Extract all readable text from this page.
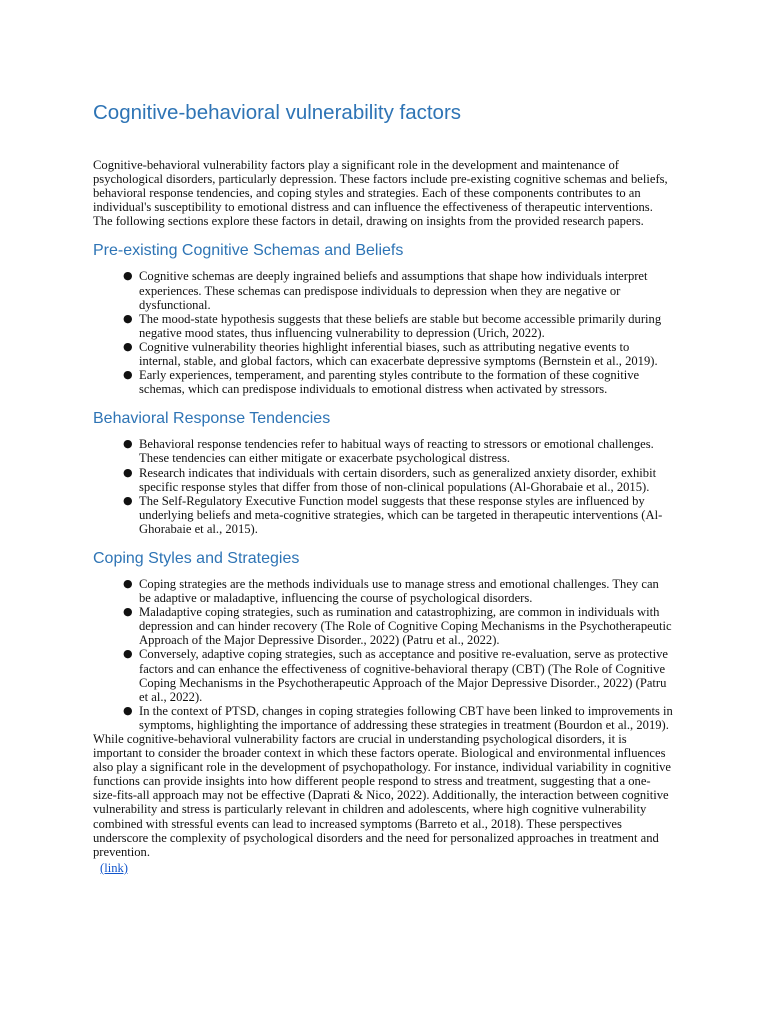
Cognitive-behavioral vulnerability factors

Cognitive-behavioral vulnerability factors play a significant role in the development and maintenance of psychological disorders, particularly depression. These factors include pre-existing cognitive schemas and beliefs, behavioral response tendencies, and coping styles and strategies. Each of these components contributes to an individual's susceptibility to emotional distress and can influence the effectiveness of therapeutic interventions. The following sections explore these factors in detail, drawing on insights from the provided research papers.

Pre-existing Cognitive Schemas and Beliefs
● Cognitive schemas are deeply ingrained beliefs and assumptions that shape how individuals interpret experiences. These schemas can predispose individuals to depression when they are negative or dysfunctional.
● The mood-state hypothesis suggests that these beliefs are stable but become accessible primarily during negative mood states, thus influencing vulnerability to depression (Urich, 2022).
● Cognitive vulnerability theories highlight inferential biases, such as attributing negative events to internal, stable, and global factors, which can exacerbate depressive symptoms (Bernstein et al., 2019).
● Early experiences, temperament, and parenting styles contribute to the formation of these cognitive schemas, which can predispose individuals to emotional distress when activated by stressors.
Behavioral Response Tendencies
● Behavioral response tendencies refer to habitual ways of reacting to stressors or emotional challenges. These tendencies can either mitigate or exacerbate psychological distress.
● Research indicates that individuals with certain disorders, such as generalized anxiety disorder, exhibit specific response styles that differ from those of non-clinical populations (Al-Ghorabaie et al., 2015).
● The Self-Regulatory Executive Function model suggests that these response styles are influenced by underlying beliefs and meta-cognitive strategies, which can be targeted in therapeutic interventions (Al-Ghorabaie et al., 2015).
Coping Styles and Strategies
● Coping strategies are the methods individuals use to manage stress and emotional challenges. They can be adaptive or maladaptive, influencing the course of psychological disorders.
● Maladaptive coping strategies, such as rumination and catastrophizing, are common in individuals with depression and can hinder recovery (The Role of Cognitive Coping Mechanisms in the Psychotherapeutic Approach of the Major Depressive Disorder., 2022) (Patru et al., 2022).
● Conversely, adaptive coping strategies, such as acceptance and positive re-evaluation, serve as protective factors and can enhance the effectiveness of cognitive-behavioral therapy (CBT) (The Role of Cognitive Coping Mechanisms in the Psychotherapeutic Approach of the Major Depressive Disorder., 2022) (Patru et al., 2022).
● In the context of PTSD, changes in coping strategies following CBT have been linked to improvements in symptoms, highlighting the importance of addressing these strategies in treatment (Bourdon et al., 2019).

While cognitive-behavioral vulnerability factors are crucial in understanding psychological disorders, it is important to consider the broader context in which these factors operate. Biological and environmental influences also play a significant role in the development of psychopathology. For instance, individual variability in cognitive functions can provide insights into how different people respond to stress and treatment, suggesting that a one-size-fits-all approach may not be effective (Daprati & Nico, 2022). Additionally, the interaction between cognitive vulnerability and stress is particularly relevant in children and adolescents, where high cognitive vulnerability combined with stressful events can lead to increased symptoms (Barreto et al., 2018). These perspectives underscore the complexity of psychological disorders and the need for personalized approaches in treatment and prevention.

(link)
